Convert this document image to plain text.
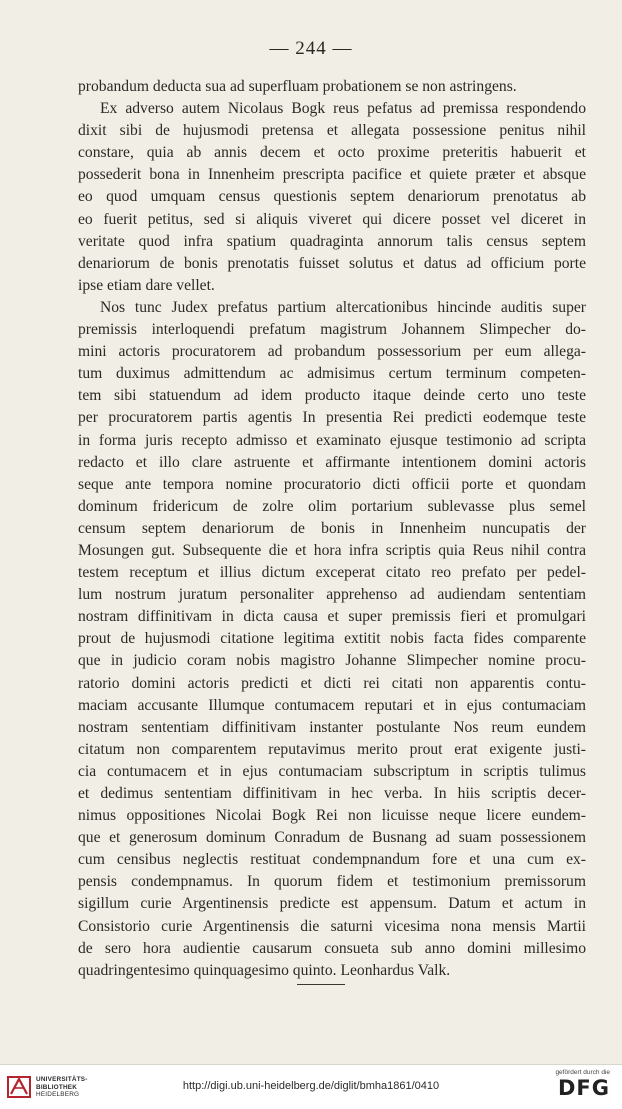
— 244 —
probandum deducta sua ad superfluam probationem se non astringens.
Ex adverso autem Nicolaus Bogk reus pefatus ad premissa respondendo
dixit sibi de hujusmodi pretensa et allegata possessione penitus nihil
constare, quia ab annis decem et octo proxime preteritis habuerit et
possederit bona in Innenheim prescripta pacifice et quiete præter et absque
eo quod umquam census questionis septem denariorum prenotatus ab
eo fuerit petitus, sed si aliquis viveret qui dicere posset vel diceret in
veritate quod infra spatium quadraginta annorum talis census septem
denariorum de bonis prenotatis fuisset solutus et datus ad officium porte
ipse etiam dare vellet.
Nos tunc Judex prefatus partium altercationibus hincinde auditis super
premissis interloquendi prefatum magistrum Johannem Slimpecher do-
mini actoris procuratorem ad probandum possessorium per eum allega-
tum duximus admittendum ac admisimus certum terminum competen-
tem sibi statuendum ad idem producto itaque deinde certo uno teste
per procuratorem partis agentis In presentia Rei predicti eodemque teste
in forma juris recepto admisso et examinato ejusque testimonio ad scripta
redacto et illo clare astruente et affirmante intentionem domini actoris
seque ante tempora nomine procuratorio dicti officii porte et quondam
dominum fridericum de zolre olim portarium sublevasse plus semel
censum septem denariorum de bonis in Innenheim nuncupatis der
Mosungen gut. Subsequente die et hora infra scriptis quia Reus nihil contra
testem receptum et illius dictum exceperat citato reo prefato per pedel-
lum nostrum juratum personaliter apprehenso ad audiendam sententiam
nostram diffinitivam in dicta causa et super premissis fieri et promulgari
prout de hujusmodi citatione legitima extitit nobis facta fides comparente
que in judicio coram nobis magistro Johanne Slimpecher nomine procu-
ratorio domini actoris predicti et dicti rei citati non apparentis contu-
maciam accusante Illumque contumacem reputari et in ejus contumaciam
nostram sententiam diffinitivam instanter postulante Nos reum eundem
citatum non comparentem reputavimus merito prout erat exigente justi-
cia contumacem et in ejus contumaciam subscriptum in scriptis tulimus
et dedimus sententiam diffinitivam in hec verba. In hiis scriptis decer-
nimus oppositiones Nicolai Bogk Rei non licuisse neque licere eundem-
que et generosum dominum Conradum de Busnang ad suam possessionem
cum censibus neglectis restituat condempnandum fore et una cum ex-
pensis condempnamus. In quorum fidem et testimonium premissorum
sigillum curie Argentinensis predicte est appensum. Datum et actum in
Consistorio curie Argentinensis die saturni vicesima nona mensis Martii
de sero hora audientie causarum consueta sub anno domini millesimo
quadringentesimo quinquagesimo quinto. Leonhardus Valk.
UNIVERSITÄTS-
BIBLIOTHEK
HEIDELBERG
http://digi.ub.uni-heidelberg.de/diglit/bmha1861/0410
gefördert durch die
DFG
